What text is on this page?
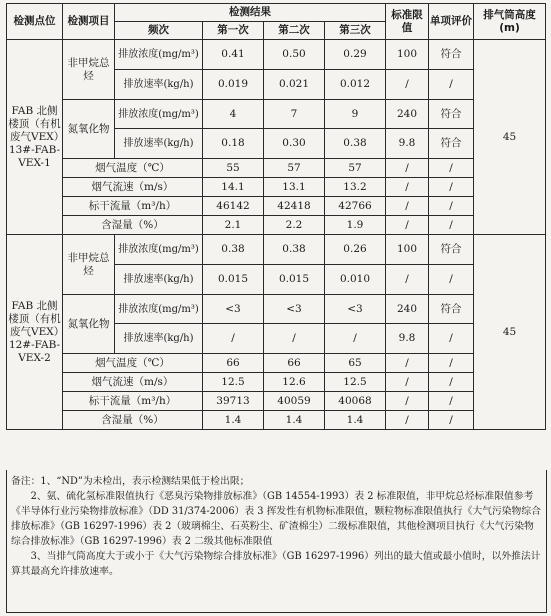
检测点位	检测项目	检测结果				标准限值	单项评价	排气筒高度(m)
		频次	第一次	第二次	第三次			
FAB 北侧楼顶（有机废气VEX）13#-FAB-VEX-1	非甲烷总烃	排放浓度(mg/m³)	0.41	0.50	0.29	100	符合	45
		排放速率(kg/h)	0.019	0.021	0.012	/	/	
	氮氧化物	排放浓度(mg/m³)	4	7	9	240	符合	
		排放速率(kg/h)	0.18	0.30	0.38	9.8	符合	
	烟气温度（℃）		55	57	57	/	/	
	烟气流速（m/s）		14.1	13.1	13.2	/	/	
	标干流量（m³/h）		46142	42418	42766	/	/	
	含湿量（%）		2.1	2.2	1.9	/	/	
FAB 北侧楼顶（有机废气VEX）12#-FAB-VEX-2	非甲烷总烃	排放浓度(mg/m³)	0.38	0.38	0.26	100	符合	45
		排放速率(kg/h)	0.015	0.015	0.010	/	/	
	氮氧化物	排放浓度(mg/m³)	<3	<3	<3	240	符合	
		排放速率(kg/h)	/	/	/	9.8	/	
	烟气温度（℃）		66	66	65	/	/	
	烟气流速（m/s）		12.5	12.6	12.5	/	/	
	标干流量（m³/h）		39713	40059	40068	/	/	
	含湿量（%）		1.4	1.4	1.4	/	/	

备注：1、“ND”为未检出，表示检测结果低于检出限；

2、氨、硫化氢标准限值执行《恶臭污染物排放标准》（GB 14554-1993）表 2 标准限值，非甲烷总烃标准限值参考《半导体行业污染物排放标准》（DD 31/374-2006）表 3 挥发性有机物标准限值，颗粒物标准限值执行《大气污染物综合排放标准》（GB 16297-1996）表 2（玻璃棉尘、石英粉尘、矿渣棉尘）二级标准限值，其他检测项目执行《大气污染物综合排放标准》（GB 16297-1996）表 2 二级其他标准限值

3、当排气筒高度大于或小于《大气污染物综合排放标准》（GB 16297-1996）列出的最大值或最小值时，以外推法计算其最高允许排放速率。
